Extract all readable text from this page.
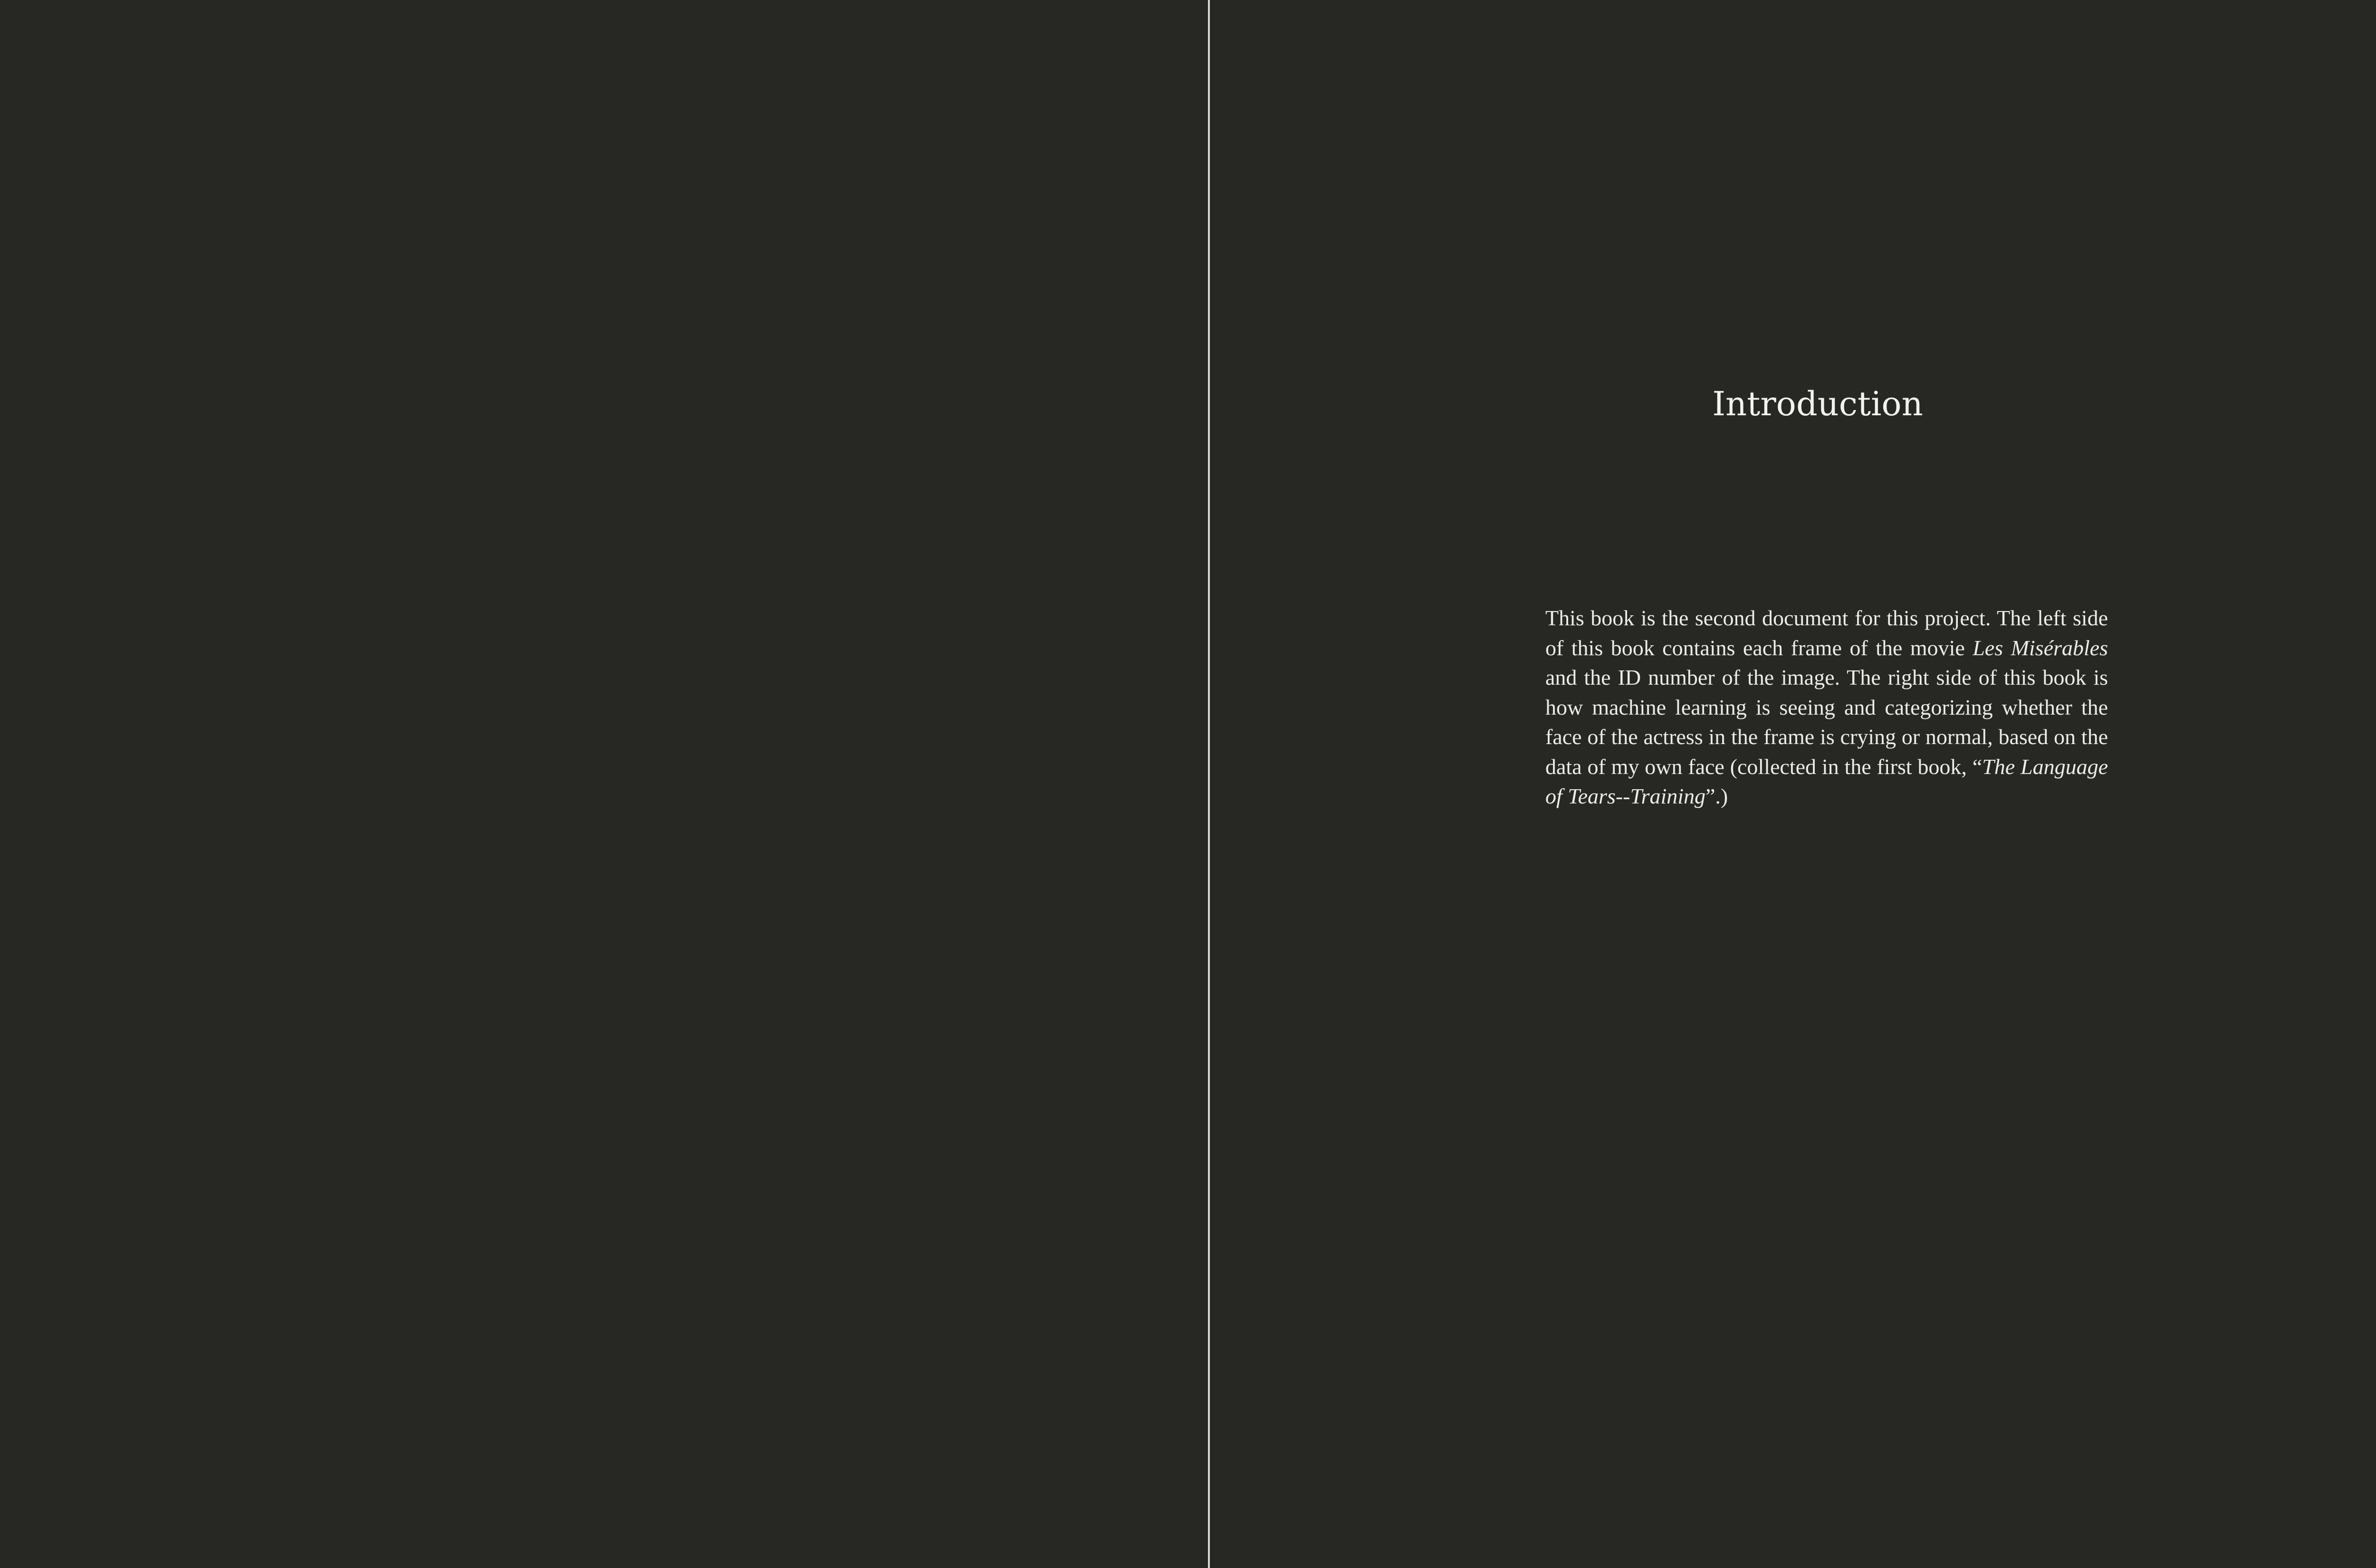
Introduction

This book is the second document for this project. The left side of this book contains each frame of the movie Les Misérables and the ID number of the image. The right side of this book is how machine learning is seeing and categorizing whether the face of the actress in the frame is crying or normal, based on the data of my own face (collected in the first book, “The Language of Tears--Training”.)
